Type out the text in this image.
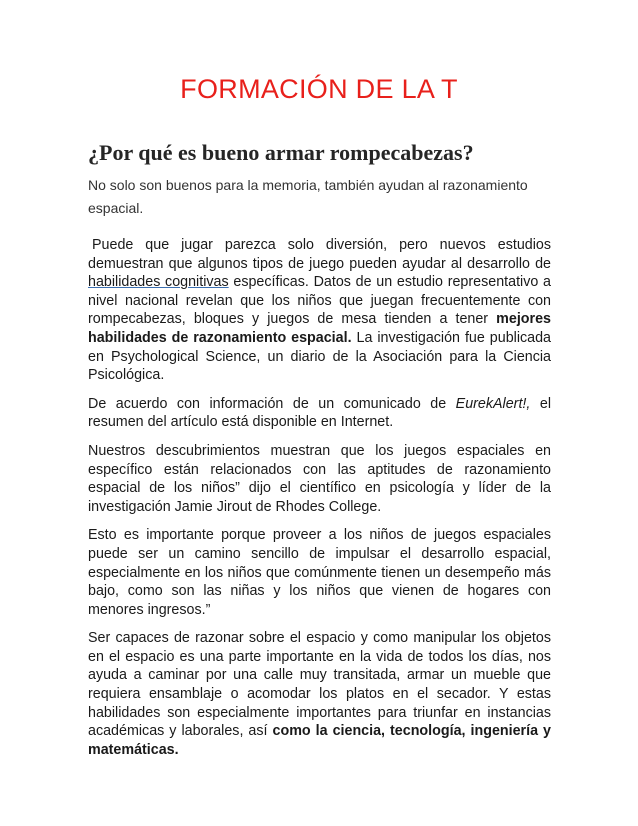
FORMACIÓN DE LA T
¿Por qué es bueno armar rompecabezas?

No solo son buenos para la memoria, también ayudan al razonamiento espacial.

Puede que jugar parezca solo diversión, pero nuevos estudios demuestran que algunos tipos de juego pueden ayudar al desarrollo de habilidades cognitivas específicas. Datos de un estudio representativo a nivel nacional revelan que los niños que juegan frecuentemente con rompecabezas, bloques y juegos de mesa tienden a tener mejores habilidades de razonamiento espacial. La investigación fue publicada en Psychological Science, un diario de la Asociación para la Ciencia Psicológica.

De acuerdo con información de un comunicado de EurekAlert!, el resumen del artículo está disponible en Internet.

Nuestros descubrimientos muestran que los juegos espaciales en específico están relacionados con las aptitudes de razonamiento espacial de los niños” dijo el científico en psicología y líder de la investigación Jamie Jirout de Rhodes College.

Esto es importante porque proveer a los niños de juegos espaciales puede ser un camino sencillo de impulsar el desarrollo espacial, especialmente en los niños que comúnmente tienen un desempeño más bajo, como son las niñas y los niños que vienen de hogares con menores ingresos.”

Ser capaces de razonar sobre el espacio y como manipular los objetos en el espacio es una parte importante en la vida de todos los días, nos ayuda a caminar por una calle muy transitada, armar un mueble que requiera ensamblaje o acomodar los platos en el secador. Y estas habilidades son especialmente importantes para triunfar en instancias académicas y laborales, así como la ciencia, tecnología, ingeniería y matemáticas.
